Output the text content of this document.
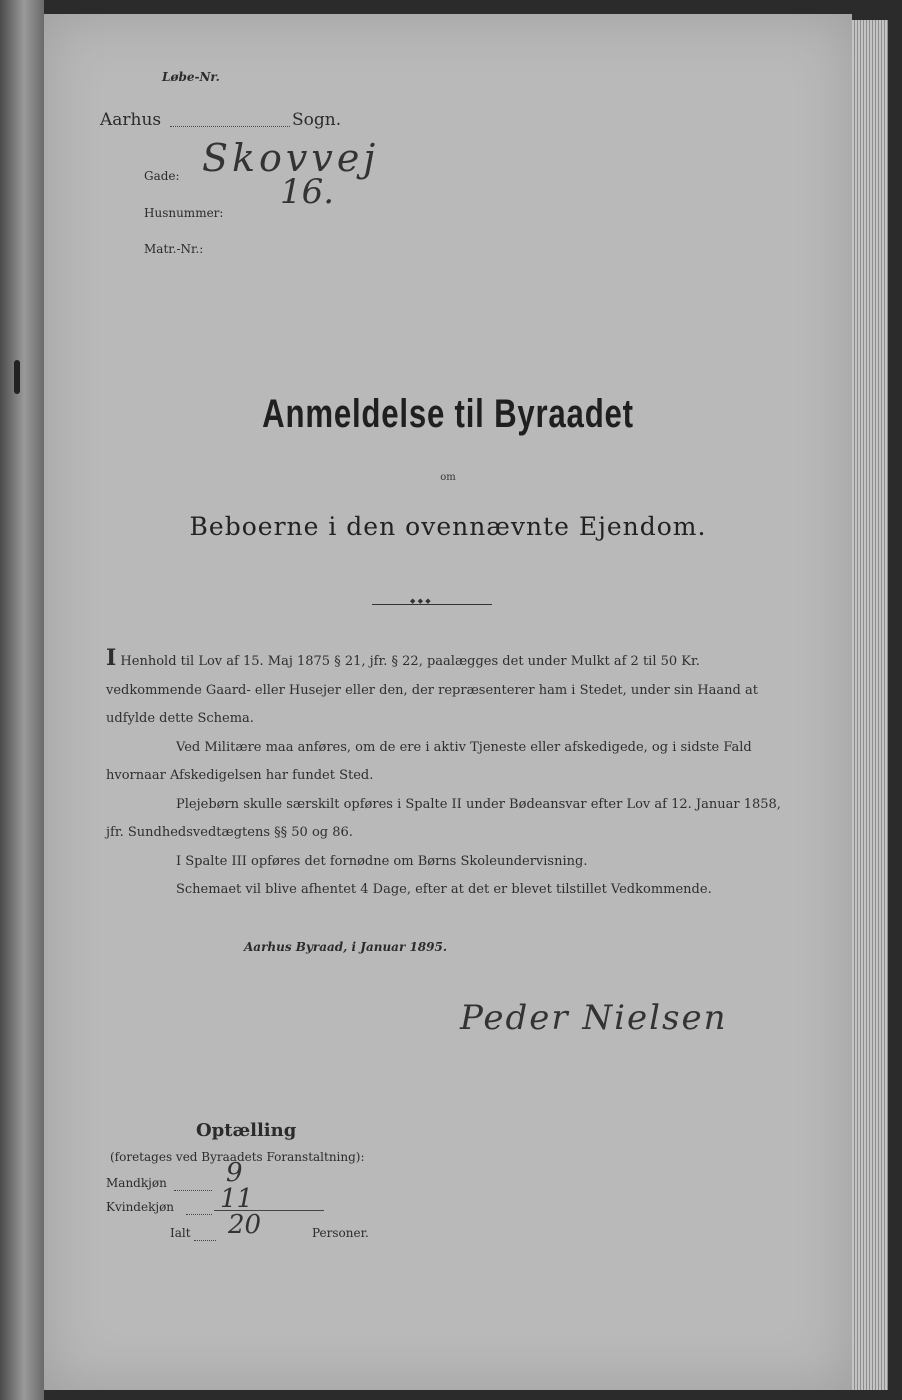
Løbe-Nr.
Aarhus	Sogn.
Gade: Skovvej
Husnummer:
16.
Matr.-Nr.:
Anmeldelse til Byraadet
om
Beboerne i den ovennævnte Ejendom.
◆ ◆ ◆

I Henhold til Lov af 15. Maj 1875 § 21, jfr. § 22, paalægges det under Mulkt af 2 til 50 Kr. vedkommende Gaard- eller Husejer eller den, der repræsenterer ham i Stedet, under sin Haand at udfylde dette Schema.

Ved Militære maa anføres, om de ere i aktiv Tjeneste eller afskedigede, og i sidste Fald hvornaar Afskedigelsen har fundet Sted.

Plejebørn skulle særskilt opføres i Spalte II under Bødeansvar efter Lov af 12. Januar 1858, jfr. Sundhedsvedtægtens §§ 50 og 86.

I Spalte III opføres det fornødne om Børns Skoleundervisning.

Schemaet vil blive afhentet 4 Dage, efter at det er blevet tilstillet Vedkommende.

Aarhus Byraad, i Januar 1895.
Peder Nielsen
Optælling
(foretages ved Byraadets Foranstaltning):
Mandkjøn 9
Kvindekjøn 11
Ialt 20	Personer.
